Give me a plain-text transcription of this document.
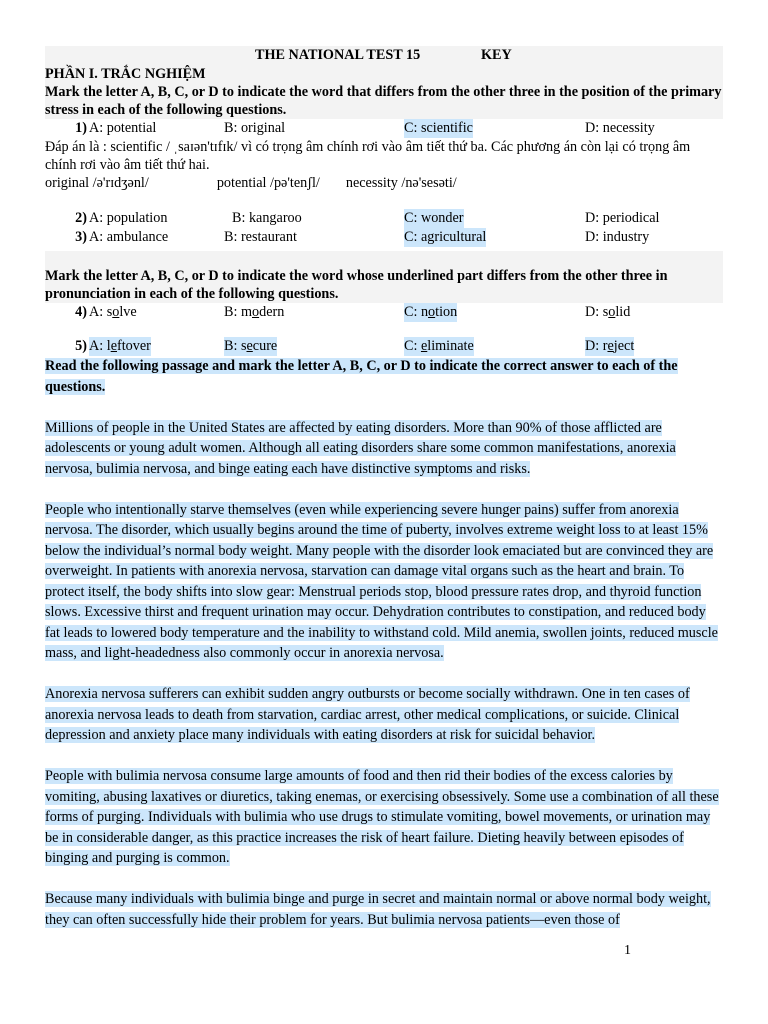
THE NATIONAL TEST 15	KEY
PHẦN I. TRẮC NGHIỆM
Mark the letter A, B, C, or D to indicate the word that differs from the other three in the position of the primary stress in each of the following questions.
1) A: potential	B: original	C: scientific	D: necessity
Đáp án là : scientific / ˌsaɪən'tɪfɪk/ vì có trọng âm chính rơi vào âm tiết thứ ba. Các phương án còn lại có trọng âm chính rơi vào âm tiết thứ hai.
original /ə'rɪdʒənl/	potential /pə'tenʃl/ necessity /nə'sesəti/
2) A: population	B: kangaroo	C: wonder	D: periodical
3) A: ambulance	B: restaurant	C: agricultural	D: industry
Mark the letter A, B, C, or D to indicate the word whose underlined part differs from the other three in pronunciation in each of the following questions.
4) A: solve	B: modern	C: notion	D: solid
5) A: leftover	B: secure	C: eliminate	D: reject

Read the following passage and mark the letter A, B, C, or D to indicate the correct answer to each of the questions.

Millions of people in the United States are affected by eating disorders. More than 90% of those afflicted are adolescents or young adult women. Although all eating disorders share some common manifestations, anorexia nervosa, bulimia nervosa, and binge eating each have distinctive symptoms and risks.

People who intentionally starve themselves (even while experiencing severe hunger pains) suffer from anorexia nervosa. The disorder, which usually begins around the time of puberty, involves extreme weight loss to at least 15% below the individual’s normal body weight. Many people with the disorder look emaciated but are convinced they are overweight. In patients with anorexia nervosa, starvation can damage vital organs such as the heart and brain. To protect itself, the body shifts into slow gear: Menstrual periods stop, blood pressure rates drop, and thyroid function slows. Excessive thirst and frequent urination may occur. Dehydration contributes to constipation, and reduced body fat leads to lowered body temperature and the inability to withstand cold. Mild anemia, swollen joints, reduced muscle mass, and light-headedness also commonly occur in anorexia nervosa.

Anorexia nervosa sufferers can exhibit sudden angry outbursts or become socially withdrawn. One in ten cases of anorexia nervosa leads to death from starvation, cardiac arrest, other medical complications, or suicide. Clinical depression and anxiety place many individuals with eating disorders at risk for suicidal behavior.

People with bulimia nervosa consume large amounts of food and then rid their bodies of the excess calories by vomiting, abusing laxatives or diuretics, taking enemas, or exercising obsessively. Some use a combination of all these forms of purging. Individuals with bulimia who use drugs to stimulate vomiting, bowel movements, or urination may be in considerable danger, as this practice increases the risk of heart failure. Dieting heavily between episodes of binging and purging is common.

Because many individuals with bulimia binge and purge in secret and maintain normal or above normal body weight, they can often successfully hide their problem for years. But bulimia nervosa patients—even those of

1
